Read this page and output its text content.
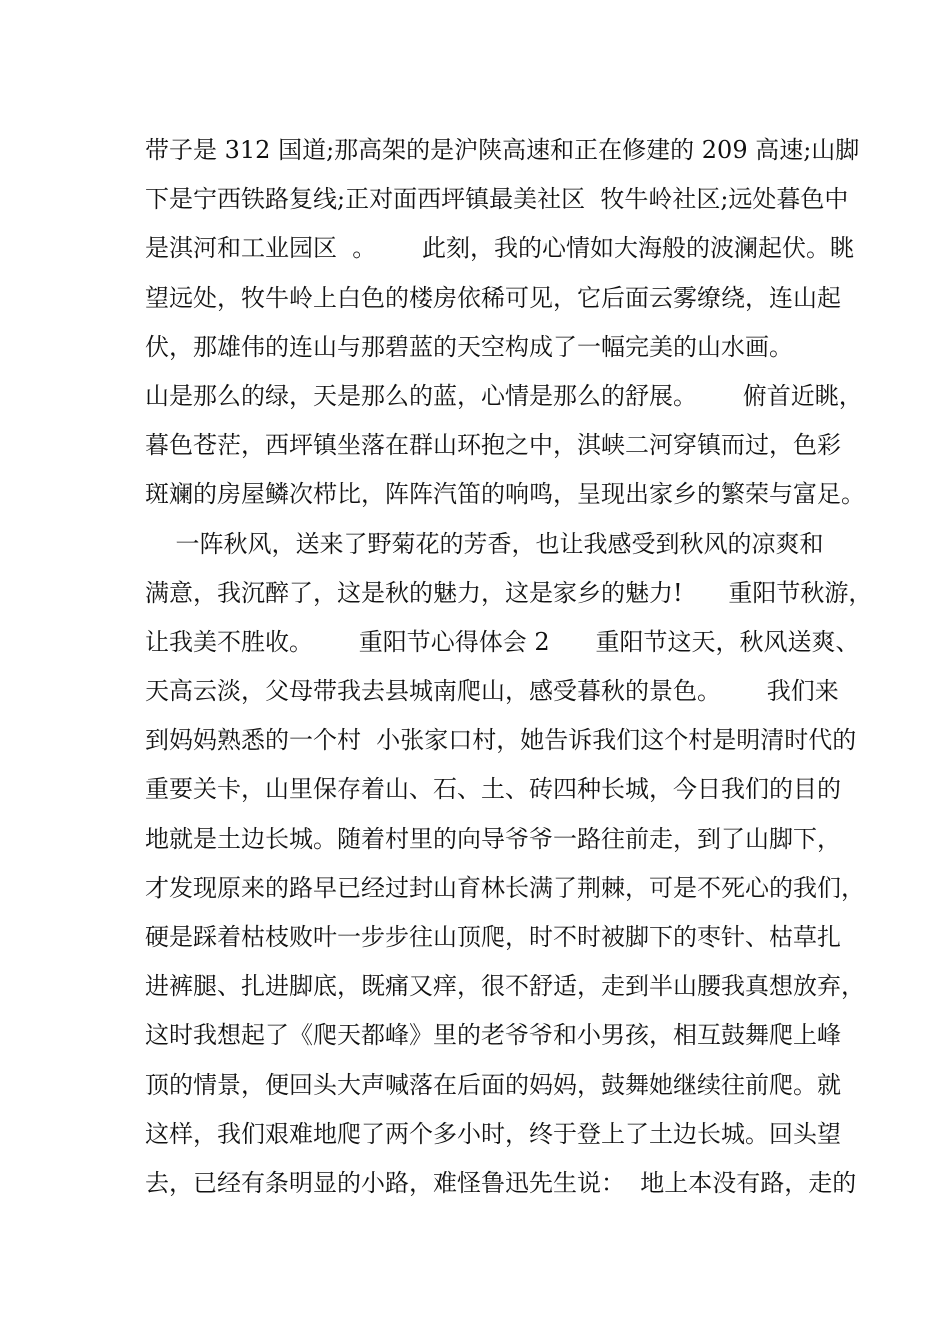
带子是 312 国道;那高架的是沪陕高速和正在修建的 209 高速;山脚
下是宁西铁路复线;正对面西坪镇最美社区  牧牛岭社区;远处暮色中
是淇河和工业园区  。      此刻，我的心情如大海般的波澜起伏。眺
望远处，牧牛岭上白色的楼房依稀可见，它后面云雾缭绕，连山起
伏，那雄伟的连山与那碧蓝的天空构成了一幅完美的山水画。
山是那么的绿，天是那么的蓝，心情是那么的舒展。      俯首近眺，
暮色苍茫，西坪镇坐落在群山环抱之中，淇峡二河穿镇而过，色彩
斑斓的房屋鳞次栉比，阵阵汽笛的响鸣，呈现出家乡的繁荣与富足。
一阵秋风，送来了野菊花的芳香，也让我感受到秋风的凉爽和
满意，我沉醉了，这是秋的魅力，这是家乡的魅力!      重阳节秋游，
让我美不胜收。      重阳节心得体会 2      重阳节这天，秋风送爽、
天高云淡，父母带我去县城南爬山，感受暮秋的景色。      我们来
到妈妈熟悉的一个村  小张家口村，她告诉我们这个村是明清时代的
重要关卡，山里保存着山、石、土、砖四种长城，今日我们的目的
地就是土边长城。随着村里的向导爷爷一路往前走，到了山脚下，
才发现原来的路早已经过封山育林长满了荆棘，可是不死心的我们，
硬是踩着枯枝败叶一步步往山顶爬，时不时被脚下的枣针、枯草扎
进裤腿、扎进脚底，既痛又痒，很不舒适，走到半山腰我真想放弃，
这时我想起了《爬天都峰》里的老爷爷和小男孩，相互鼓舞爬上峰
顶的情景，便回头大声喊落在后面的妈妈，鼓舞她继续往前爬。就
这样，我们艰难地爬了两个多小时，终于登上了土边长城。回头望
去，已经有条明显的小路，难怪鲁迅先生说：  地上本没有路，走的
